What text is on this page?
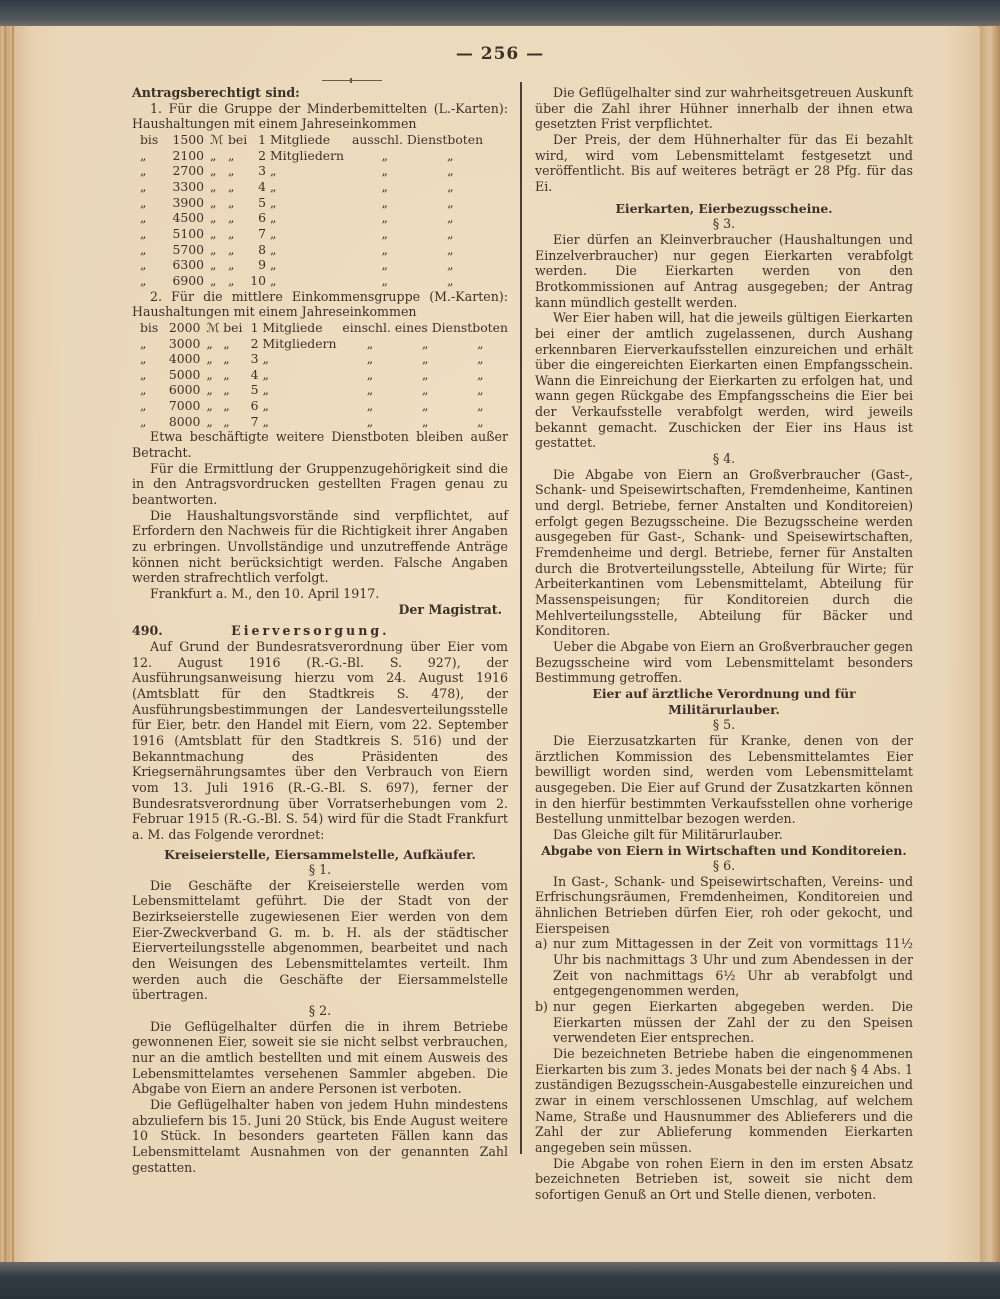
— 256 —

Antragsberechtigt sind:

1. Für die Gruppe der Minderbemittelten (L.-Karten): Haushaltungen mit einem Jahreseinkommen

bis	1500	ℳ	bei	1	Mitgliede	ausschl. Dienstboten	
„	2100	„	„	2	Mitgliedern	„	„
„	2700	„	„	3	„	„	„
„	3300	„	„	4	„	„	„
„	3900	„	„	5	„	„	„
„	4500	„	„	6	„	„	„
„	5100	„	„	7	„	„	„
„	5700	„	„	8	„	„	„
„	6300	„	„	9	„	„	„
„	6900	„	„	10	„	„	„

2. Für die mittlere Einkommensgruppe (M.-Karten): Haushaltungen mit einem Jahreseinkommen

bis	2000	ℳ	bei	1	Mitgliede	einschl. eines Dienstboten		
„	3000	„	„	2	Mitgliedern	„	„	„
„	4000	„	„	3	„	„	„	„
„	5000	„	„	4	„	„	„	„
„	6000	„	„	5	„	„	„	„
„	7000	„	„	6	„	„	„	„
„	8000	„	„	7	„	„	„	„

Etwa beschäftigte weitere Dienstboten bleiben außer Betracht.

Für die Ermittlung der Gruppenzugehörigkeit sind die in den Antragsvordrucken gestellten Fragen genau zu beantworten.

Die Haushaltungsvorstände sind verpflichtet, auf Erfordern den Nachweis für die Richtigkeit ihrer Angaben zu erbringen. Unvollständige und unzutreffende Anträge können nicht berücksichtigt werden. Falsche Angaben werden strafrechtlich verfolgt.

Frankfurt a. M., den 10. April 1917.

Der Magistrat.

490.	Eierversorgung.

Auf Grund der Bundesratsverordnung über Eier vom 12. August 1916 (R.-G.-Bl. S. 927), der Ausführungsanweisung hierzu vom 24. August 1916 (Amtsblatt für den Stadtkreis S. 478), der Ausführungsbestimmungen der Landesverteilungsstelle für Eier, betr. den Handel mit Eiern, vom 22. September 1916 (Amtsblatt für den Stadtkreis S. 516) und der Bekanntmachung des Präsidenten des Kriegsernährungsamtes über den Verbrauch von Eiern vom 13. Juli 1916 (R.-G.-Bl. S. 697), ferner der Bundesratsverordnung über Vorratserhebungen vom 2. Februar 1915 (R.-G.-Bl. S. 54) wird für die Stadt Frankfurt a. M. das Folgende verordnet:

Kreiseierstelle, Eiersammelstelle, Aufkäufer.

§ 1.

Die Geschäfte der Kreiseierstelle werden vom Lebensmittelamt geführt. Die der Stadt von der Bezirkseierstelle zugewiesenen Eier werden von dem Eier-Zweckverband G. m. b. H. als der städtischer Eierverteilungsstelle abgenommen, bearbeitet und nach den Weisungen des Lebensmittelamtes verteilt. Ihm werden auch die Geschäfte der Eiersammelstelle übertragen.

§ 2.

Die Geflügelhalter dürfen die in ihrem Betriebe gewonnenen Eier, soweit sie sie nicht selbst verbrauchen, nur an die amtlich bestellten und mit einem Ausweis des Lebensmittelamtes versehenen Sammler abgeben. Die Abgabe von Eiern an andere Personen ist verboten.

Die Geflügelhalter haben von jedem Huhn mindestens abzuliefern bis 15. Juni 20 Stück, bis Ende August weitere 10 Stück. In besonders gearteten Fällen kann das Lebensmittelamt Ausnahmen von der genannten Zahl gestatten.

Die Geflügelhalter sind zur wahrheitsgetreuen Auskunft über die Zahl ihrer Hühner innerhalb der ihnen etwa gesetzten Frist verpflichtet.

Der Preis, der dem Hühnerhalter für das Ei bezahlt wird, wird vom Lebensmittelamt festgesetzt und veröffentlicht. Bis auf weiteres beträgt er 28 Pfg. für das Ei.

Eierkarten, Eierbezugsscheine.

§ 3.

Eier dürfen an Kleinverbraucher (Haushaltungen und Einzelverbraucher) nur gegen Eierkarten verabfolgt werden. Die Eierkarten werden von den Brotkommissionen auf Antrag ausgegeben; der Antrag kann mündlich gestellt werden.

Wer Eier haben will, hat die jeweils gültigen Eierkarten bei einer der amtlich zugelassenen, durch Aushang erkennbaren Eierverkaufsstellen einzureichen und erhält über die eingereichten Eierkarten einen Empfangsschein. Wann die Einreichung der Eierkarten zu erfolgen hat, und wann gegen Rückgabe des Empfangsscheins die Eier bei der Verkaufsstelle verabfolgt werden, wird jeweils bekannt gemacht. Zuschicken der Eier ins Haus ist gestattet.

§ 4.

Die Abgabe von Eiern an Großverbraucher (Gast-, Schank- und Speisewirtschaften, Fremdenheime, Kantinen und dergl. Betriebe, ferner Anstalten und Konditoreien) erfolgt gegen Bezugsscheine. Die Bezugsscheine werden ausgegeben für Gast-, Schank- und Speisewirtschaften, Fremdenheime und dergl. Betriebe, ferner für Anstalten durch die Brotverteilungsstelle, Abteilung für Wirte; für Arbeiterkantinen vom Lebensmittelamt, Abteilung für Massenspeisungen; für Konditoreien durch die Mehlverteilungsstelle, Abteilung für Bäcker und Konditoren.

Ueber die Abgabe von Eiern an Großverbraucher gegen Bezugsscheine wird vom Lebensmittelamt besonders Bestimmung getroffen.

Eier auf ärztliche Verordnung und für Militärurlauber.

§ 5.

Die Eierzusatzkarten für Kranke, denen von der ärztlichen Kommission des Lebensmittelamtes Eier bewilligt worden sind, werden vom Lebensmittelamt ausgegeben. Die Eier auf Grund der Zusatzkarten können in den hierfür bestimmten Verkaufsstellen ohne vorherige Bestellung unmittelbar bezogen werden.

Das Gleiche gilt für Militärurlauber.

Abgabe von Eiern in Wirtschaften und Konditoreien.

§ 6.

In Gast-, Schank- und Speisewirtschaften, Vereins- und Erfrischungsräumen, Fremdenheimen, Konditoreien und ähnlichen Betrieben dürfen Eier, roh oder gekocht, und Eierspeisen

a) nur zum Mittagessen in der Zeit von vormittags 11½ Uhr bis nachmittags 3 Uhr und zum Abendessen in der Zeit von nachmittags 6½ Uhr ab verabfolgt und entgegengenommen werden,
b) nur gegen Eierkarten abgegeben werden. Die Eierkarten müssen der Zahl der zu den Speisen verwendeten Eier entsprechen.

Die bezeichneten Betriebe haben die eingenommenen Eierkarten bis zum 3. jedes Monats bei der nach § 4 Abs. 1 zuständigen Bezugsschein-Ausgabestelle einzureichen und zwar in einem verschlossenen Umschlag, auf welchem Name, Straße und Hausnummer des Ablieferers und die Zahl der zur Ablieferung kommenden Eierkarten angegeben sein müssen.

Die Abgabe von rohen Eiern in den im ersten Absatz bezeichneten Betrieben ist, soweit sie nicht dem sofortigen Genuß an Ort und Stelle dienen, verboten.
